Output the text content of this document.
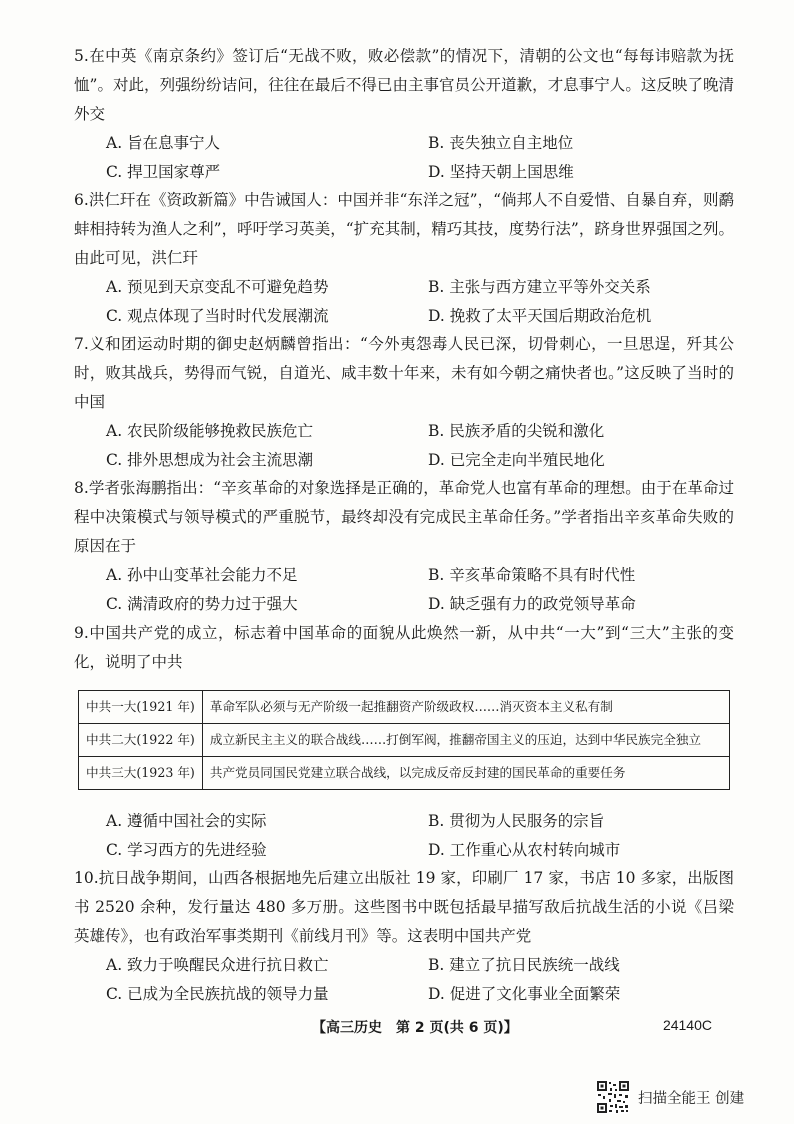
5.在中英《南京条约》签订后“无战不败，败必偿款”的情况下，清朝的公文也“每每讳赔款为抚恤”。对此，列强纷纷诘问，往往在最后不得已由主事官员公开道歉，才息事宁人。这反映了晚清外交

A. 旨在息事宁人	B. 丧失独立自主地位
C. 捍卫国家尊严	D. 坚持天朝上国思维

6.洪仁玕在《资政新篇》中告诫国人：中国并非“东洋之冠”，“倘邦人不自爱惜、自暴自弃，则鹬蚌相持转为渔人之利”，呼吁学习英美，“扩充其制，精巧其技，度势行法”，跻身世界强国之列。由此可见，洪仁玕

A. 预见到天京变乱不可避免趋势	B. 主张与西方建立平等外交关系
C. 观点体现了当时时代发展潮流	D. 挽救了太平天国后期政治危机

7.义和团运动时期的御史赵炳麟曾指出：“今外夷怨毒人民已深，切骨刺心，一旦思逞，歼其公时，败其战兵，势得而气锐，自道光、咸丰数十年来，未有如今朝之痛快者也。”这反映了当时的中国

A. 农民阶级能够挽救民族危亡	B. 民族矛盾的尖锐和激化
C. 排外思想成为社会主流思潮	D. 已完全走向半殖民地化

8.学者张海鹏指出：“辛亥革命的对象选择是正确的，革命党人也富有革命的理想。由于在革命过程中决策模式与领导模式的严重脱节，最终却没有完成民主革命任务。”学者指出辛亥革命失败的原因在于

A. 孙中山变革社会能力不足	B. 辛亥革命策略不具有时代性
C. 满清政府的势力过于强大	D. 缺乏强有力的政党领导革命

9.中国共产党的成立，标志着中国革命的面貌从此焕然一新，从中共“一大”到“三大”主张的变化，说明了中共

中共一大(1921 年)	革命军队必须与无产阶级一起推翻资产阶级政权……消灭资本主义私有制
中共二大(1922 年)	成立新民主主义的联合战线……打倒军阀，推翻帝国主义的压迫，达到中华民族完全独立
中共三大(1923 年)	共产党员同国民党建立联合战线，以完成反帝反封建的国民革命的重要任务
A. 遵循中国社会的实际	B. 贯彻为人民服务的宗旨
C. 学习西方的先进经验	D. 工作重心从农村转向城市

10.抗日战争期间，山西各根据地先后建立出版社 19 家，印刷厂 17 家，书店 10 多家，出版图书 2520 余种，发行量达 480 多万册。这些图书中既包括最早描写敌后抗战生活的小说《吕梁英雄传》，也有政治军事类期刊《前线月刊》等。这表明中国共产党

A. 致力于唤醒民众进行抗日救亡	B. 建立了抗日民族统一战线
C. 已成为全民族抗战的领导力量	D. 促进了文化事业全面繁荣
【高三历史　第 2 页(共 6 页)】	24140C
扫描全能王 创建
